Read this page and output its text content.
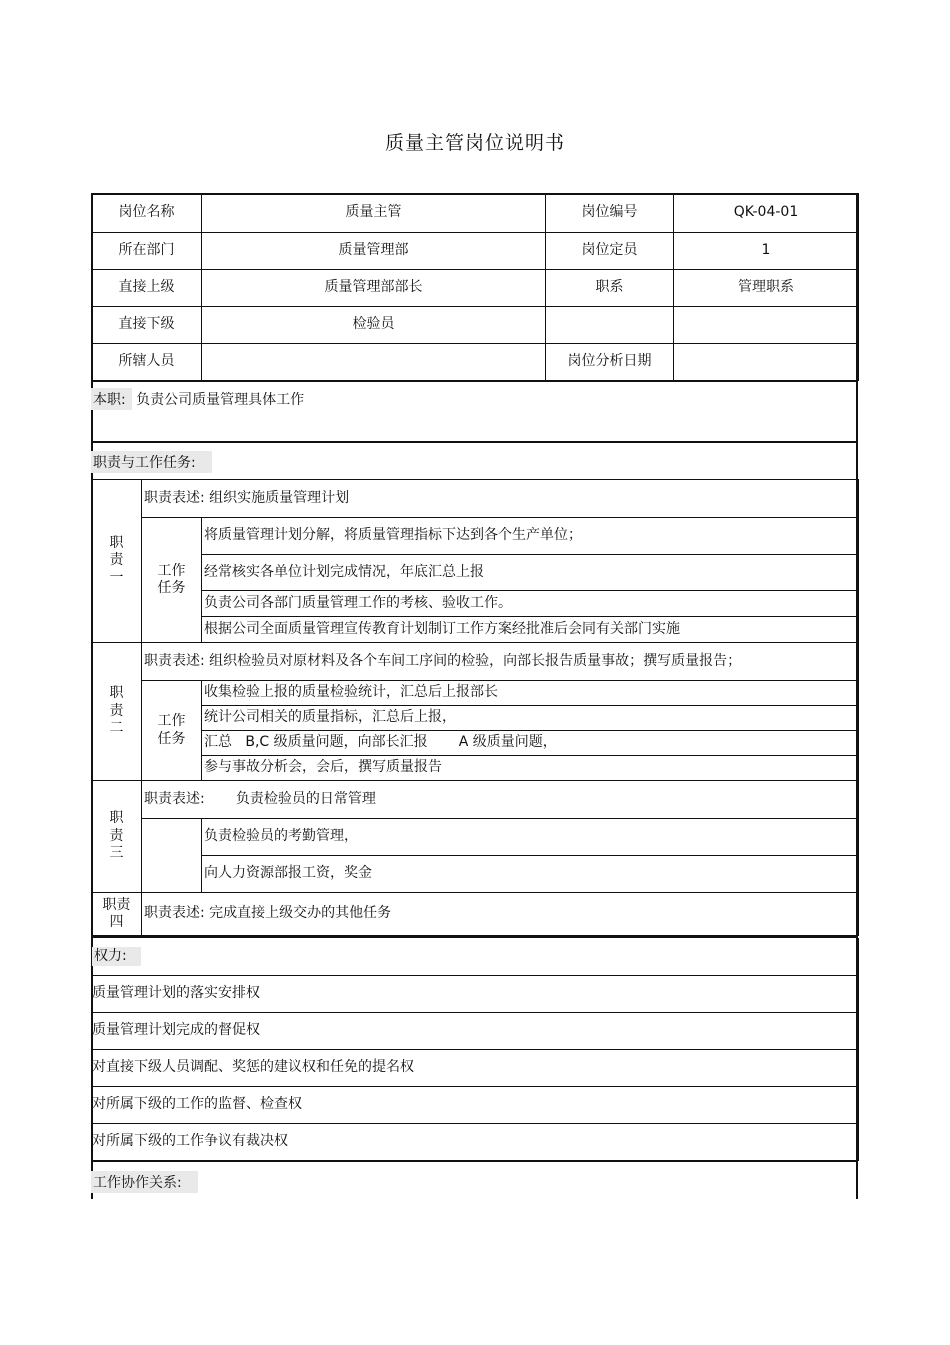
质量主管岗位说明书
岗位名称	质量主管	岗位编号	QK-04-01
所在部门	质量管理部	岗位定员	1
直接上级	质量管理部部长	职系	管理职系
直接下级	检验员		
所辖人员		岗位分析日期	
本职: 负责公司质量管理具体工作
职责与工作任务:
职
责
一	职责表述: 组织实施质量管理计划	

	工作
任务	将质量管理计划分解，将质量管理指标下达到各个生产单位；
		经常核实各单位计划完成情况，年底汇总上报
		负责公司各部门质量管理工作的考核、验收工作。
		根据公司全面质量管理宣传教育计划制订工作方案经批准后会同有关部门实施

职
责
二	职责表述: 组织检验员对原材料及各个车间工序间的检验，向部长报告质量事故；撰写质量报告；	

	工作
任务	收集检验上报的质量检验统计，汇总后上报部长
		统计公司相关的质量指标，汇总后上报，
		汇总   B,C 级质量问题，向部长汇报       A 级质量问题，
		参与事故分析会，会后，撰写质量报告

职
责
三	职责表述:       负责检验员的日常管理	
		负责检验员的考勤管理，
		向人力资源部报工资，奖金

职责
四	职责表述: 完成直接上级交办的其他任务	
权力:
质量管理计划的落实安排权
质量管理计划完成的督促权
对直接下级人员调配、奖惩的建议权和任免的提名权
对所属下级的工作的监督、检查权
对所属下级的工作争议有裁决权
工作协作关系:
